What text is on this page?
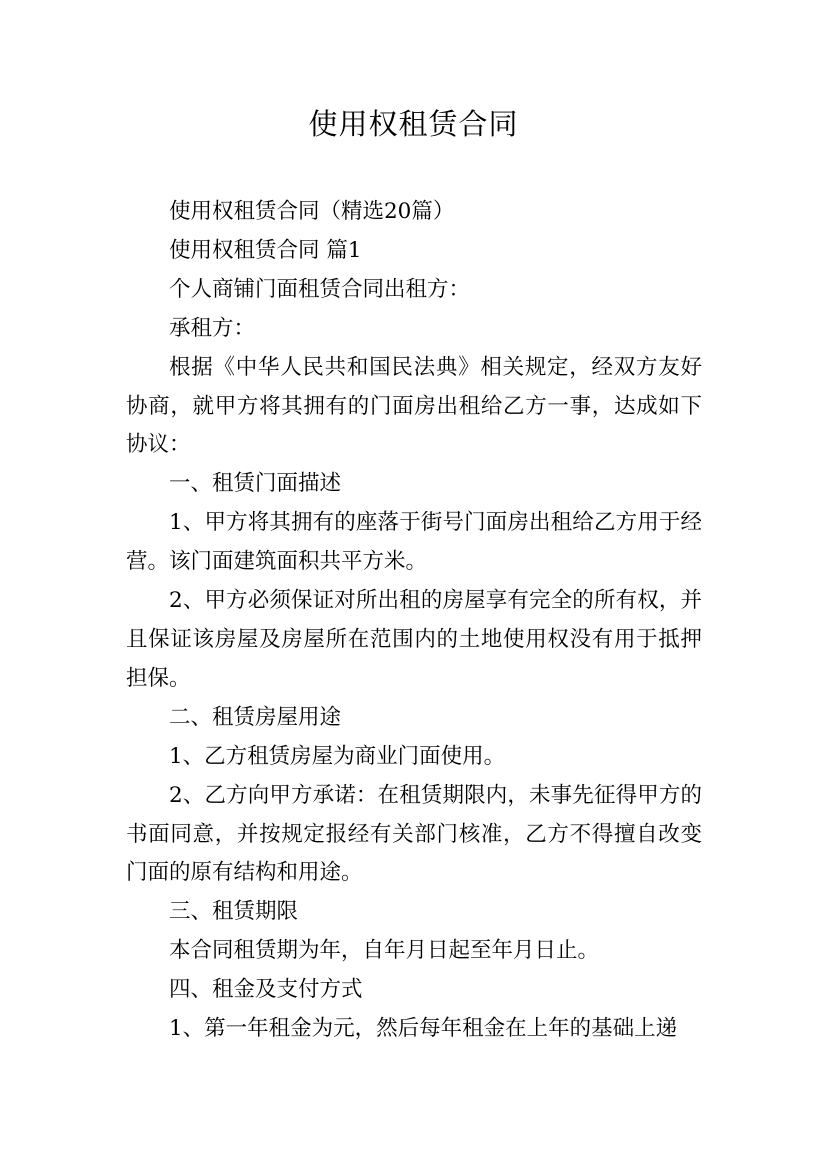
使用权租赁合同

使用权租赁合同（精选20篇）

使用权租赁合同 篇1

个人商铺门面租赁合同出租方：

承租方：

根据《中华人民共和国民法典》相关规定，经双方友好协商，就甲方将其拥有的门面房出租给乙方一事，达成如下协议：

一、租赁门面描述

1、甲方将其拥有的座落于街号门面房出租给乙方用于经营。该门面建筑面积共平方米。

2、甲方必须保证对所出租的房屋享有完全的所有权，并且保证该房屋及房屋所在范围内的土地使用权没有用于抵押担保。

二、租赁房屋用途

1、乙方租赁房屋为商业门面使用。

2、乙方向甲方承诺：在租赁期限内，未事先征得甲方的书面同意，并按规定报经有关部门核准，乙方不得擅自改变门面的原有结构和用途。

三、租赁期限

本合同租赁期为年，自年月日起至年月日止。

四、租金及支付方式

1、第一年租金为元，然后每年租金在上年的基础上递
